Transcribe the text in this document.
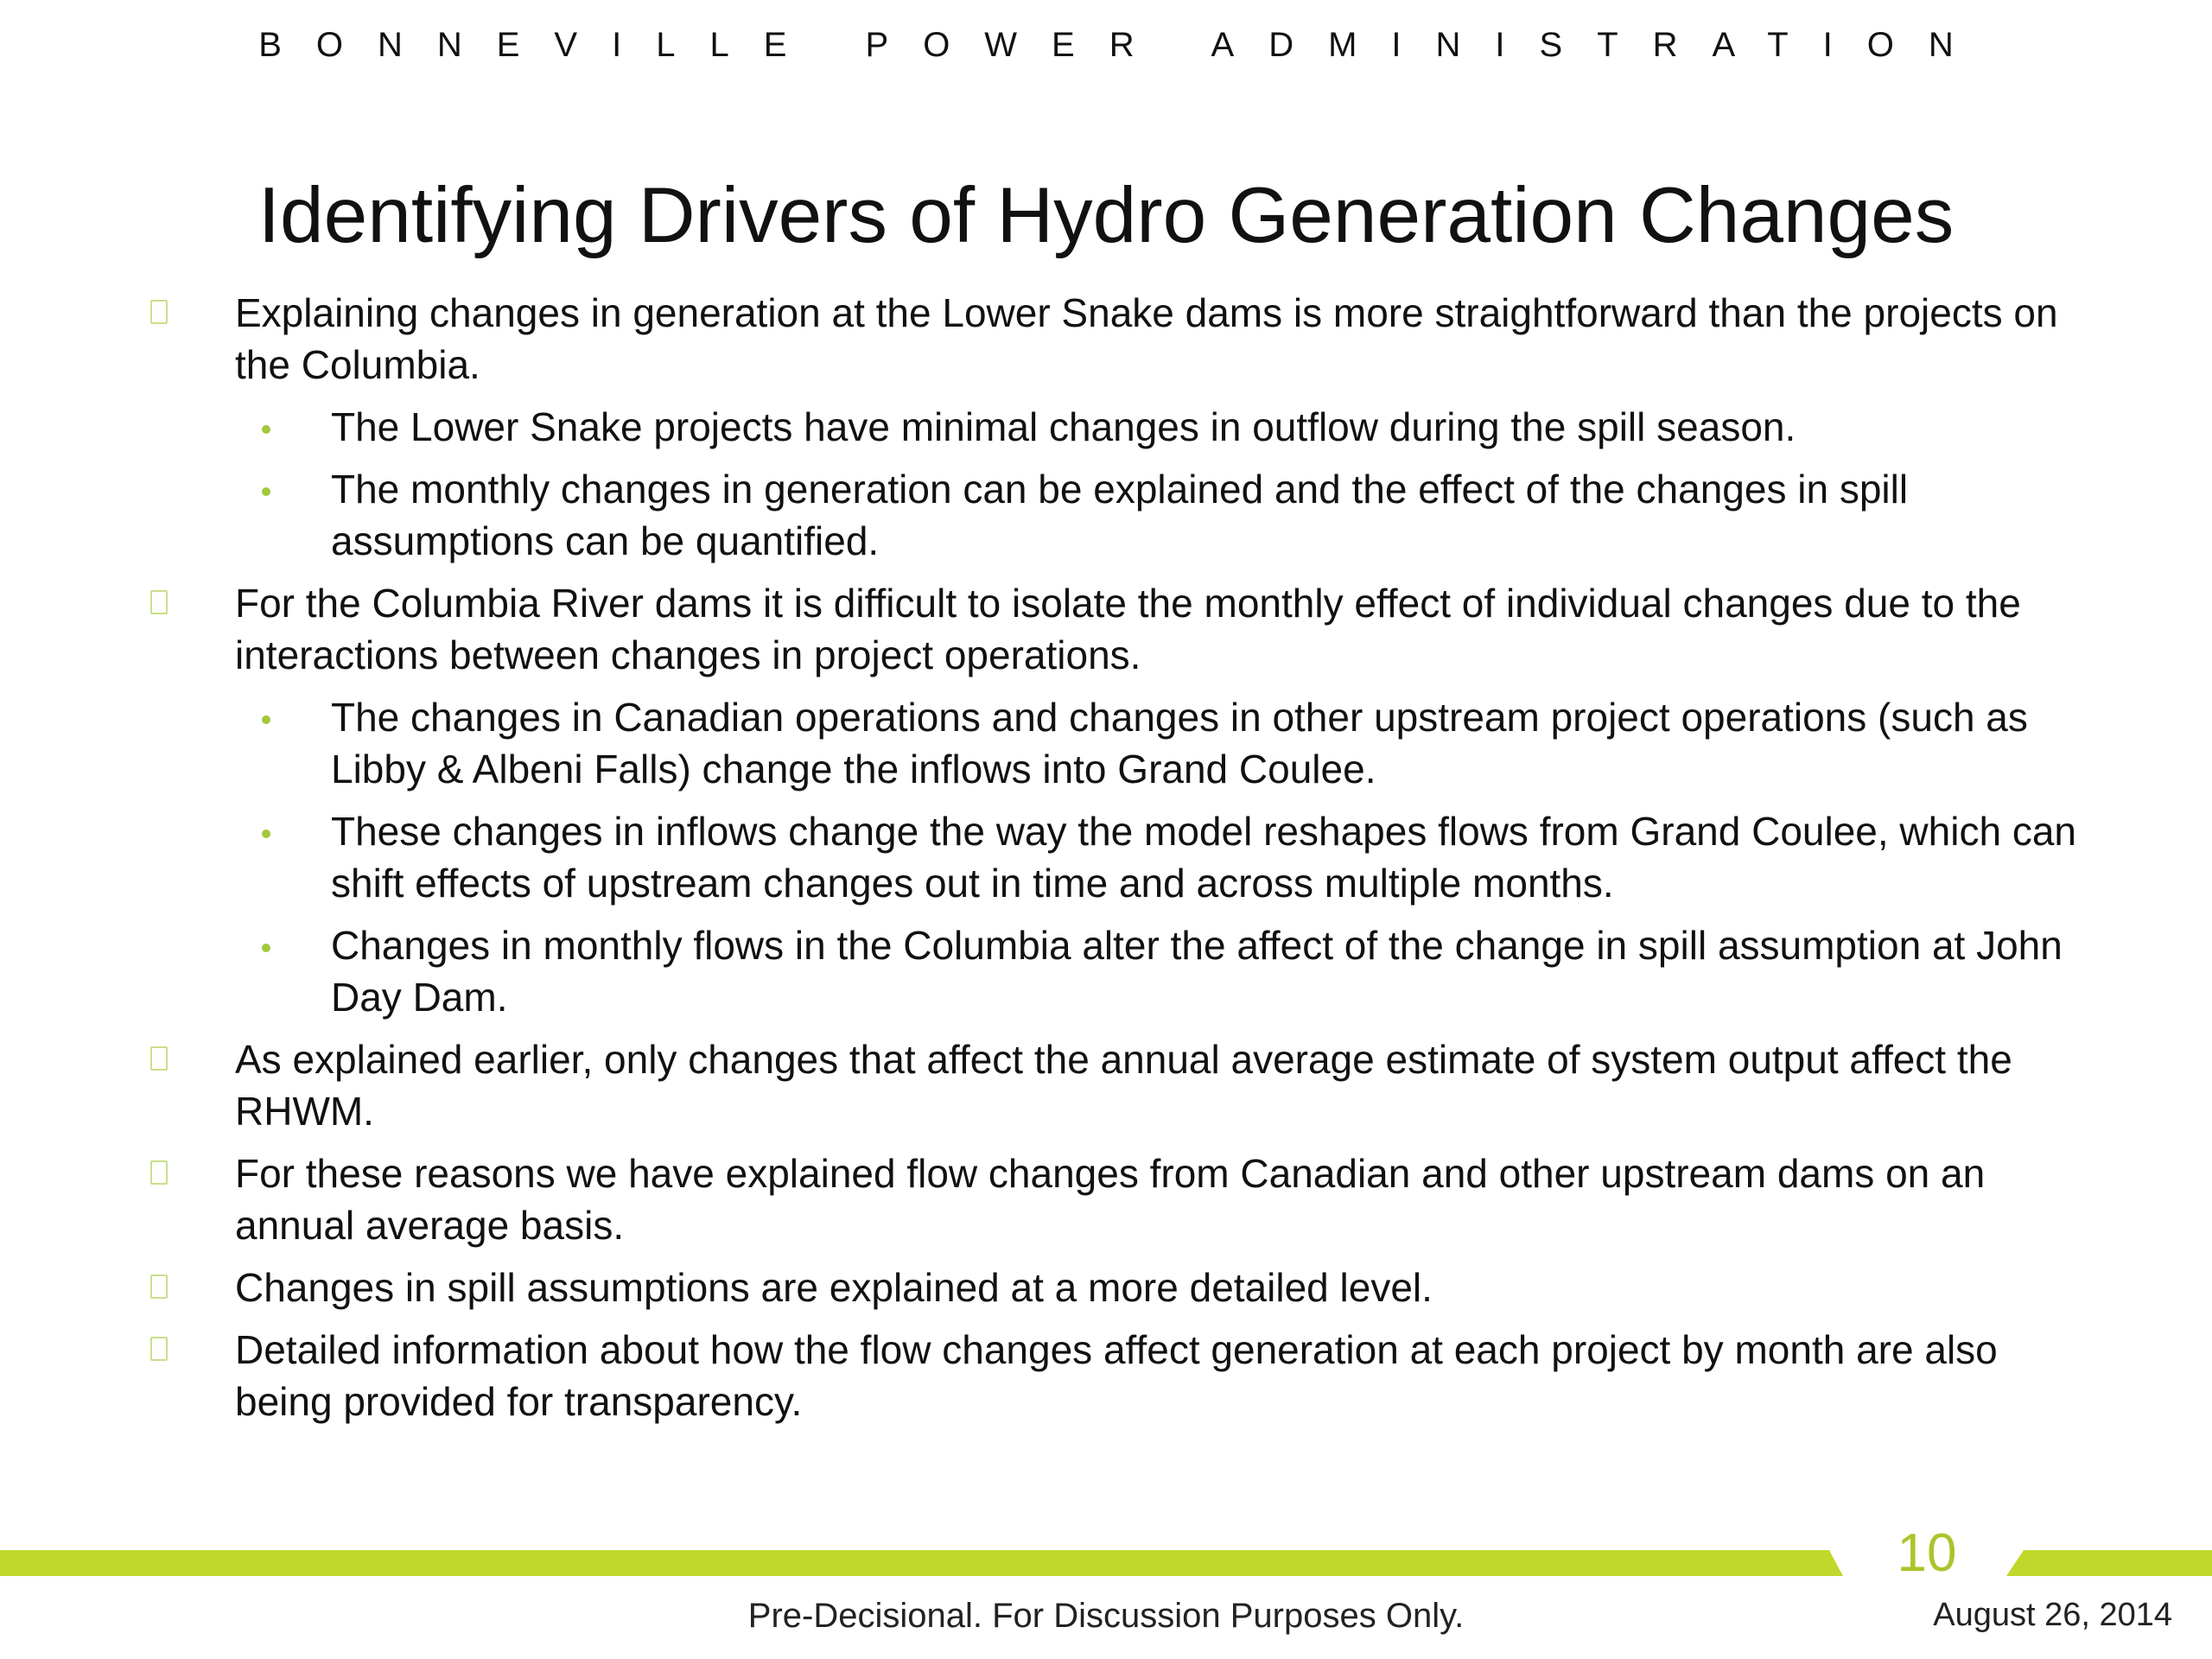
BONNEVILLE POWER ADMINISTRATION
Identifying Drivers of Hydro Generation Changes
Explaining changes in generation at the Lower Snake dams is more straightforward than the projects on the Columbia.
The Lower Snake projects have minimal changes in outflow during the spill season.
The monthly changes in generation can be explained and the effect of the changes in spill assumptions can be quantified.
For the Columbia River dams it is difficult to isolate the monthly effect of individual changes due to the interactions between changes in project operations.
The changes in Canadian operations and changes in other upstream project operations (such as Libby & Albeni Falls) change the inflows into Grand Coulee.
These changes in inflows change the way the model reshapes flows from Grand Coulee, which can shift effects of upstream changes out in time and across multiple months.
Changes in monthly flows in the Columbia alter the affect of the change in spill assumption at John Day Dam.
As explained earlier, only changes that affect the annual average estimate of system output affect the RHWM.
For these reasons we have explained flow changes from Canadian and other upstream dams on an annual average basis.
Changes in spill assumptions are explained at a more detailed level.
Detailed information about how the flow changes affect generation at each project by month are also being provided for transparency.
10
Pre-Decisional. For Discussion Purposes Only.	August 26, 2014
